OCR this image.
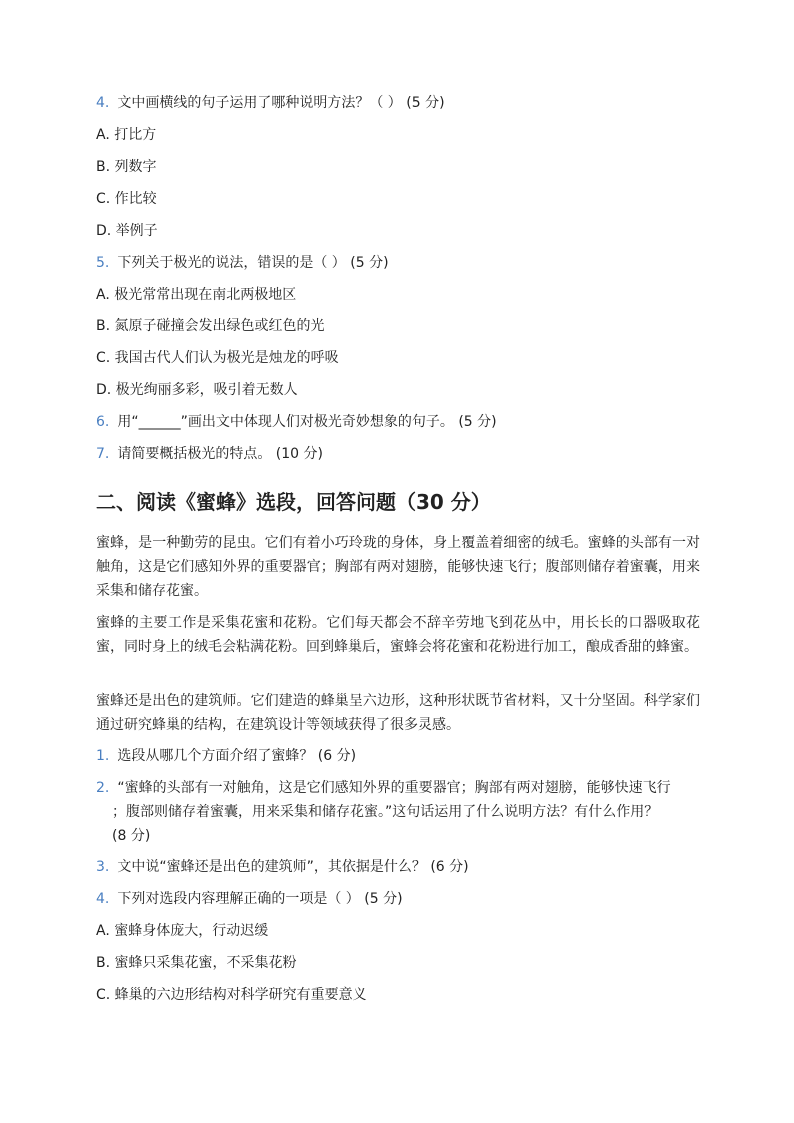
4. 文中画横线的句子运用了哪种说明方法？（ ） (5 分)
A. 打比方
B. 列数字
C. 作比较
D. 举例子
5. 下列关于极光的说法，错误的是（ ） (5 分)
A. 极光常常出现在南北两极地区
B. 氮原子碰撞会发出绿色或红色的光
C. 我国古代人们认为极光是烛龙的呼吸
D. 极光绚丽多彩，吸引着无数人
6. 用“______”画出文中体现人们对极光奇妙想象的句子。 (5 分)
7. 请简要概括极光的特点。 (10 分)
二、阅读《蜜蜂》选段，回答问题（30 分）
蜜蜂，是一种勤劳的昆虫。它们有着小巧玲珑的身体，身上覆盖着细密的绒毛。蜜蜂的头部有一对触角，这是它们感知外界的重要器官；胸部有两对翅膀，能够快速飞行；腹部则储存着蜜囊，用来采集和储存花蜜。
蜜蜂的主要工作是采集花蜜和花粉。它们每天都会不辞辛劳地飞到花丛中，用长长的口器吸取花蜜，同时身上的绒毛会粘满花粉。回到蜂巢后，蜜蜂会将花蜜和花粉进行加工，酿成香甜的蜂蜜。
蜜蜂还是出色的建筑师。它们建造的蜂巢呈六边形，这种形状既节省材料，又十分坚固。科学家们通过研究蜂巢的结构，在建筑设计等领域获得了很多灵感。
1. 选段从哪几个方面介绍了蜜蜂？ (6 分)
2. “蜜蜂的头部有一对触角，这是它们感知外界的重要器官；胸部有两对翅膀，能够快速飞行
；腹部则储存着蜜囊，用来采集和储存花蜜。”这句话运用了什么说明方法？有什么作用？
(8 分)
3. 文中说“蜜蜂还是出色的建筑师”，其依据是什么？ (6 分)
4. 下列对选段内容理解正确的一项是（ ） (5 分)
A. 蜜蜂身体庞大，行动迟缓
B. 蜜蜂只采集花蜜，不采集花粉
C. 蜂巢的六边形结构对科学研究有重要意义
